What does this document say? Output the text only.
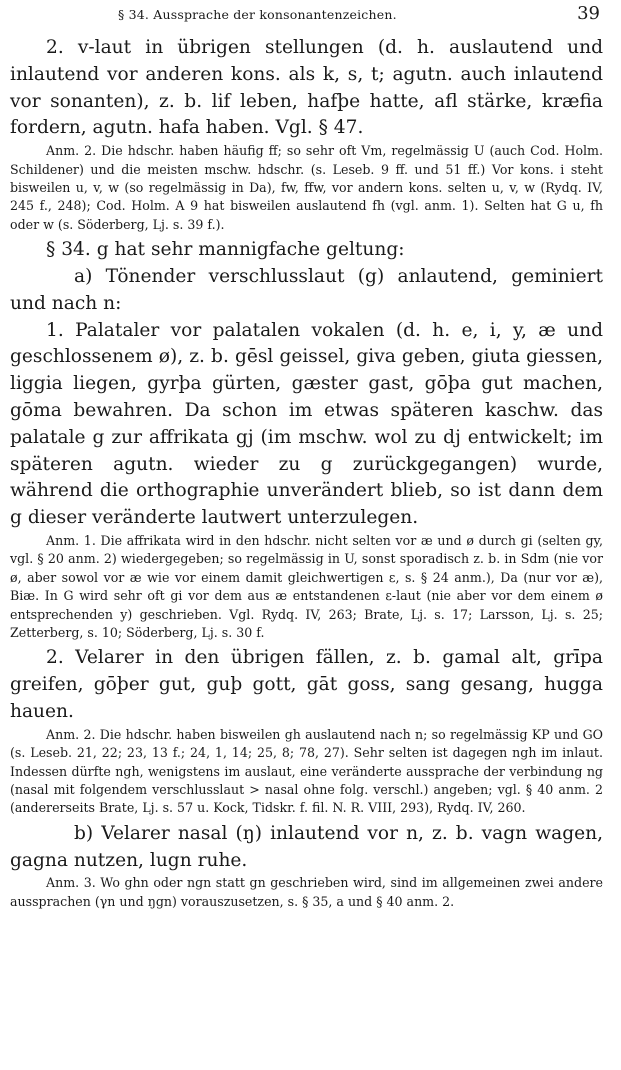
§ 34. Aussprache der konsonantenzeichen.	39

2. v-laut in übrigen stellungen (d. h. auslautend und inlautend vor anderen kons. als k, s, t; agutn. auch inlautend vor sonanten), z. b. lif leben, hafþe hatte, afl stärke, kræfia fordern, agutn. hafa haben. Vgl. § 47.

Anm. 2. Die hdschr. haben häufig ff; so sehr oft Vm, regelmässig U (auch Cod. Holm. Schildener) und die meisten mschw. hdschr. (s. Leseb. 9 ff. und 51 ff.) Vor kons. i steht bisweilen u, v, w (so regelmässig in Da), fw, ffw, vor andern kons. selten u, v, w (Rydq. IV, 245 f., 248); Cod. Holm. A 9 hat bisweilen auslautend fh (vgl. anm. 1). Selten hat G u, fh oder w (s. Söderberg, Lj. s. 39 f.).

§ 34. g hat sehr mannigfache geltung:

a) Tönender verschlusslaut (g) anlautend, geminiert und nach n:

1. Palataler vor palatalen vokalen (d. h. e, i, y, æ und geschlossenem ø), z. b. gēsl geissel, giva geben, giuta giessen, liggia liegen, gyrþa gürten, gæster gast, gōþa gut machen, gōma bewahren. Da schon im etwas späteren kaschw. das palatale g zur affrikata gj (im mschw. wol zu dj entwickelt; im späteren agutn. wieder zu g zurückgegangen) wurde, während die orthographie unverändert blieb, so ist dann dem g dieser veränderte lautwert unterzulegen.

Anm. 1. Die affrikata wird in den hdschr. nicht selten vor æ und ø durch gi (selten gy, vgl. § 20 anm. 2) wiedergegeben; so regelmässig in U, sonst sporadisch z. b. in Sdm (nie vor ø, aber sowol vor æ wie vor einem damit gleichwertigen ε, s. § 24 anm.), Da (nur vor æ), Biæ. In G wird sehr oft gi vor dem aus æ entstandenen ε-laut (nie aber vor dem einem ø entsprechenden y) geschrieben. Vgl. Rydq. IV, 263; Brate, Lj. s. 17; Larsson, Lj. s. 25; Zetterberg, s. 10; Söderberg, Lj. s. 30 f.

2. Velarer in den übrigen fällen, z. b. gamal alt, grīpa greifen, gōþer gut, guþ gott, gāt goss, sang gesang, hugga hauen.

Anm. 2. Die hdschr. haben bisweilen gh auslautend nach n; so regelmässig KP und GO (s. Leseb. 21, 22; 23, 13 f.; 24, 1, 14; 25, 8; 78, 27). Sehr selten ist dagegen ngh im inlaut. Indessen dürfte ngh, wenigstens im auslaut, eine veränderte aussprache der verbindung ng (nasal mit folgendem verschlusslaut > nasal ohne folg. verschl.) angeben; vgl. § 40 anm. 2 (andererseits Brate, Lj. s. 57 u. Kock, Tidskr. f. fil. N. R. VIII, 293), Rydq. IV, 260.

b) Velarer nasal (ŋ) inlautend vor n, z. b. vagn wagen, gagna nutzen, lugn ruhe.

Anm. 3. Wo ghn oder ngn statt gn geschrieben wird, sind im allgemeinen zwei andere aussprachen (γn und ŋgn) vorauszusetzen, s. § 35, a und § 40 anm. 2.
